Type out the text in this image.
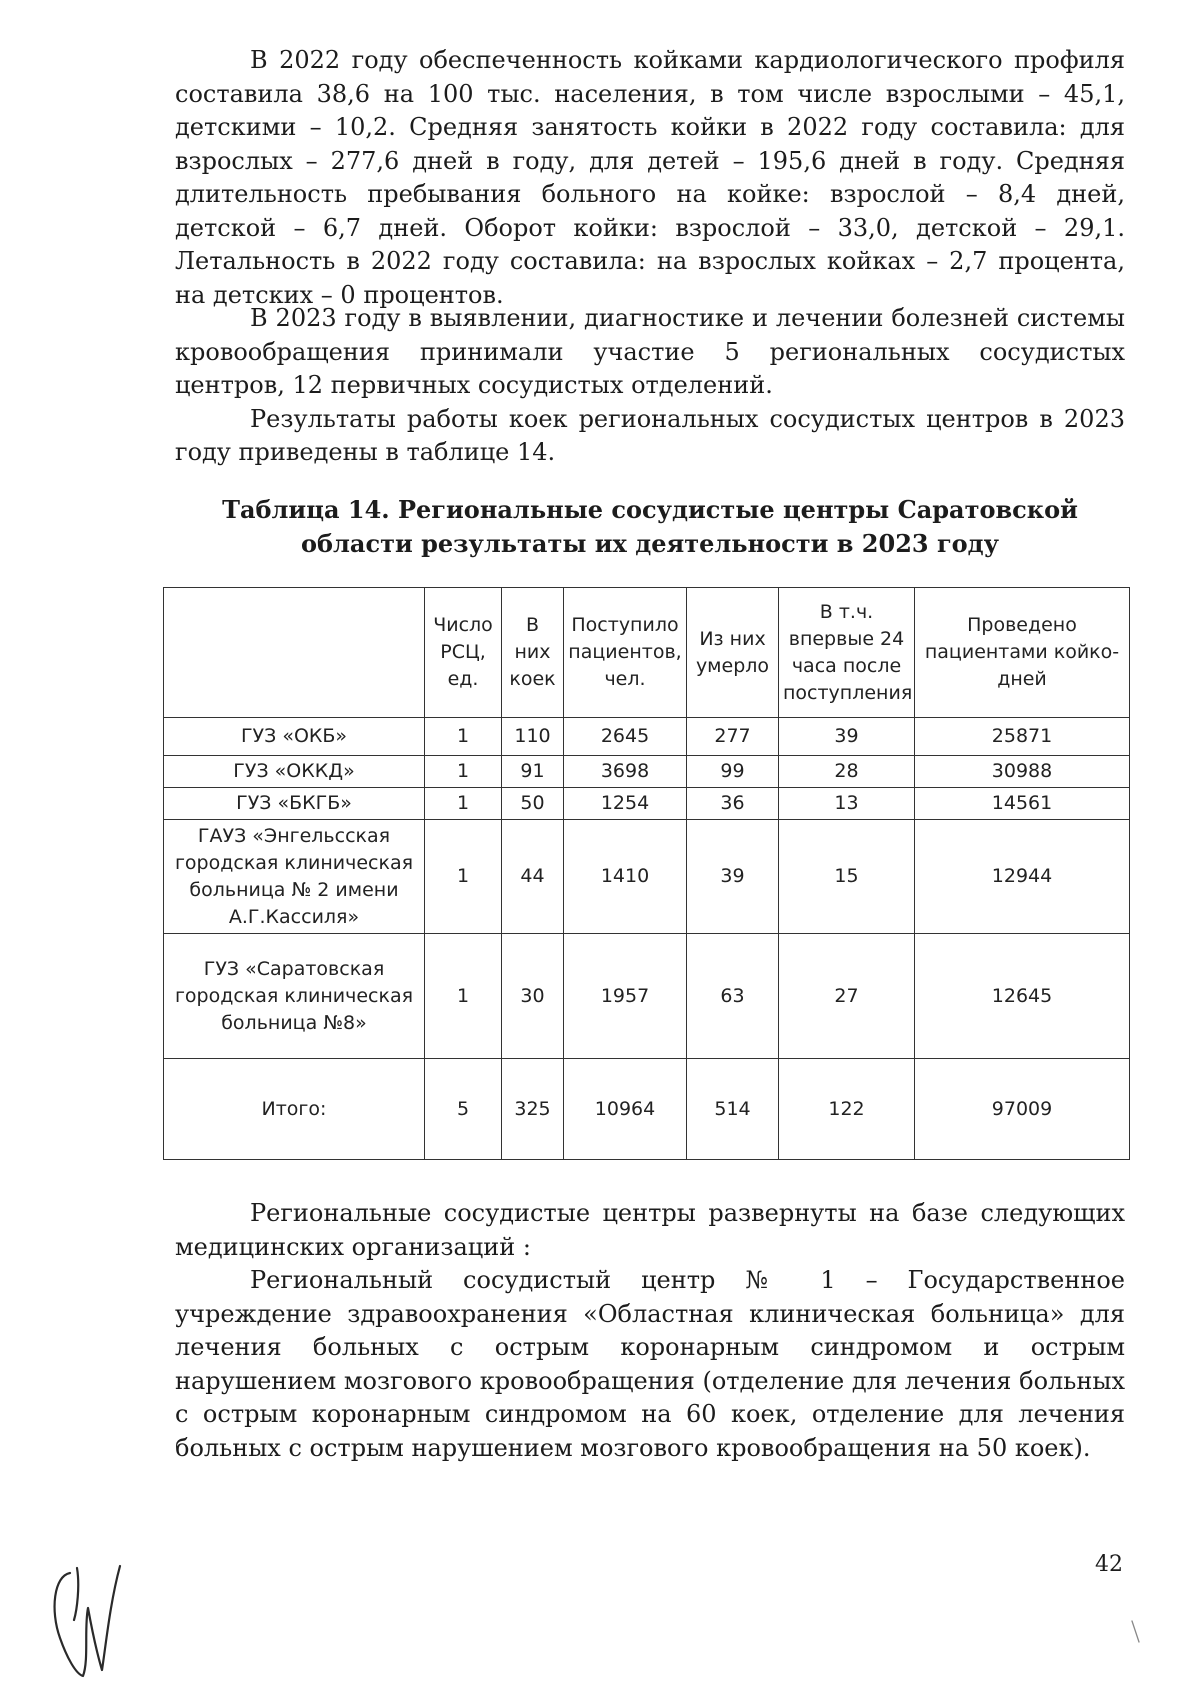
В 2022 году обеспеченность койками кардиологического профиля составила 38,6 на 100 тыс. населения, в том числе взрослыми – 45,1, детскими – 10,2. Средняя занятость койки в 2022 году составила: для взрослых – 277,6 дней в году, для детей – 195,6 дней в году. Средняя длительность пребывания больного на койке: взрослой – 8,4 дней, детской – 6,7 дней. Оборот койки: взрослой – 33,0, детской – 29,1. Летальность в 2022 году составила: на взрослых койках – 2,7 процента, на детских – 0 процентов.

В 2023 году в выявлении, диагностике и лечении болезней системы кровообращения принимали участие 5 региональных сосудистых центров, 12 первичных сосудистых отделений.

Результаты работы коек региональных сосудистых центров в 2023 году приведены в таблице 14.

Таблица 14. Региональные сосудистые центры Саратовской области результаты их деятельности в 2023 году
	Число РСЦ, ед.	В них коек	Поступило пациентов, чел.	Из них умерло	В т.ч. впервые 24 часа после поступления	Проведено пациентами койко-дней
ГУЗ «ОКБ»	1	110	2645	277	39	25871
ГУЗ «ОККД»	1	91	3698	99	28	30988
ГУЗ «БКГБ»	1	50	1254	36	13	14561
ГАУЗ «Энгельсская городская клиническая больница № 2 имени А.Г.Кассиля»	1	44	1410	39	15	12944
ГУЗ «Саратовская городская клиническая больница №8»	1	30	1957	63	27	12645
Итого:	5	325	10964	514	122	97009

Региональные сосудистые центры развернуты на базе следующих медицинских организаций :

Региональный сосудистый центр № 1 – Государственное учреждение здравоохранения «Областная клиническая больница» для лечения больных с острым коронарным синдромом и острым нарушением мозгового кровообращения (отделение для лечения больных с острым коронарным синдромом на 60 коек, отделение для лечения больных с острым нарушением мозгового кровообращения на 50 коек).

42
